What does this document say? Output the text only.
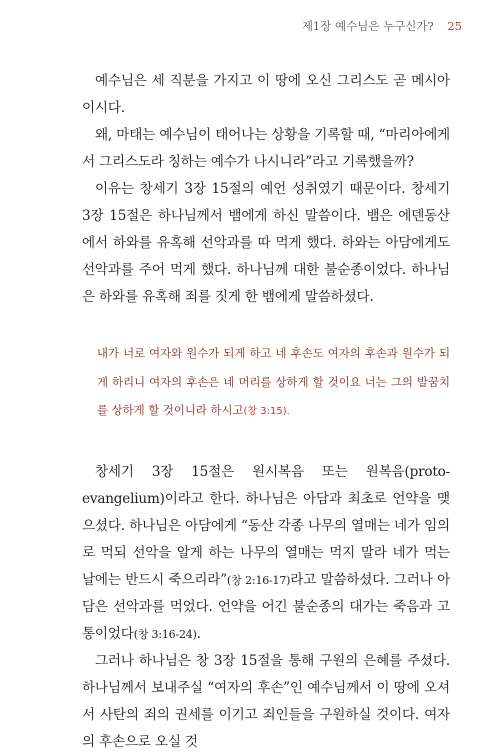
제1장 예수님은 누구신가? 25

예수님은 세 직분을 가지고 이 땅에 오신 그리스도 곧 메시아이시다.

왜, 마태는 예수님이 태어나는 상황을 기록할 때, “마리아에게서 그리스도라 칭하는 예수가 나시니라”라고 기록했을까?

이유는 창세기 3장 15절의 예언 성취였기 때문이다. 창세기 3장 15절은 하나님께서 뱀에게 하신 말씀이다. 뱀은 에덴동산에서 하와를 유혹해 선악과를 따 먹게 했다. 하와는 아담에게도 선악과를 주어 먹게 했다. 하나님께 대한 불순종이었다. 하나님은 하와를 유혹해 죄를 짓게 한 뱀에게 말씀하셨다.

내가 너로 여자와 원수가 되게 하고 네 후손도 여자의 후손과 원수가 되게 하리니 여자의 후손은 네 머리를 상하게 할 것이요 너는 그의 발꿈치를 상하게 할 것이니라 하시고(창 3:15).

창세기 3장 15절은 원시복음 또는 원복음(proto-evangelium)이라고 한다. 하나님은 아담과 최초로 언약을 맺으셨다. 하나님은 아담에게 “동산 각종 나무의 열매는 네가 임의로 먹되 선악을 알게 하는 나무의 열매는 먹지 말라 네가 먹는 날에는 반드시 죽으리라”(창 2:16-17)라고 말씀하셨다. 그러나 아담은 선악과를 먹었다. 언약을 어긴 불순종의 대가는 죽음과 고통이었다(창 3:16-24).

그러나 하나님은 창 3장 15절을 통해 구원의 은혜를 주셨다. 하나님께서 보내주실 “여자의 후손”인 예수님께서 이 땅에 오셔서 사탄의 죄의 권세를 이기고 죄인들을 구원하실 것이다. 여자의 후손으로 오실 것
